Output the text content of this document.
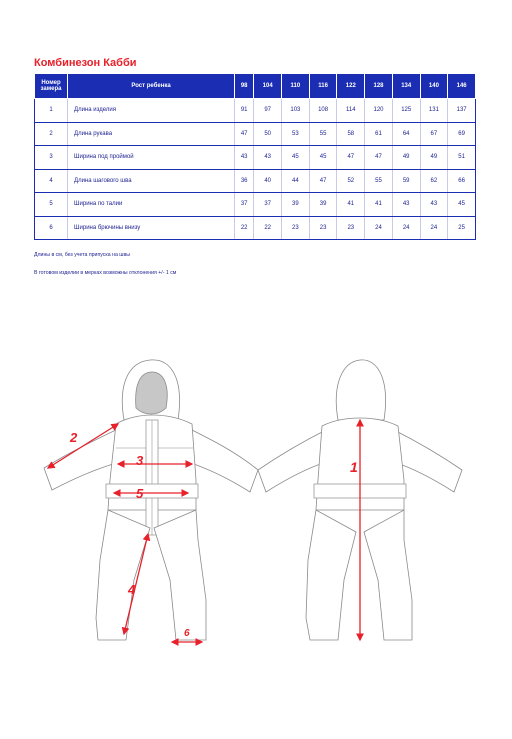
Комбинезон Кабби
Номер замера	Рост ребенка	98	104	110	116	122	128	134	140	146
1	Длина изделия	91	97	103	108	114	120	125	131	137
2	Длина рукава	47	50	53	55	58	61	64	67	69
3	Ширина под проймой	43	43	45	45	47	47	49	49	51
4	Длина шагового шва	36	40	44	47	52	55	59	62	66
5	Ширина по талии	37	37	39	39	41	41	43	43	45
6	Ширина брючины внизу	22	22	23	23	23	24	24	24	25
Длины в см, без учета припуска на швы
В готовом изделии в мерках возможны отклонения +/- 1 см
2
3
5
4
6
1
